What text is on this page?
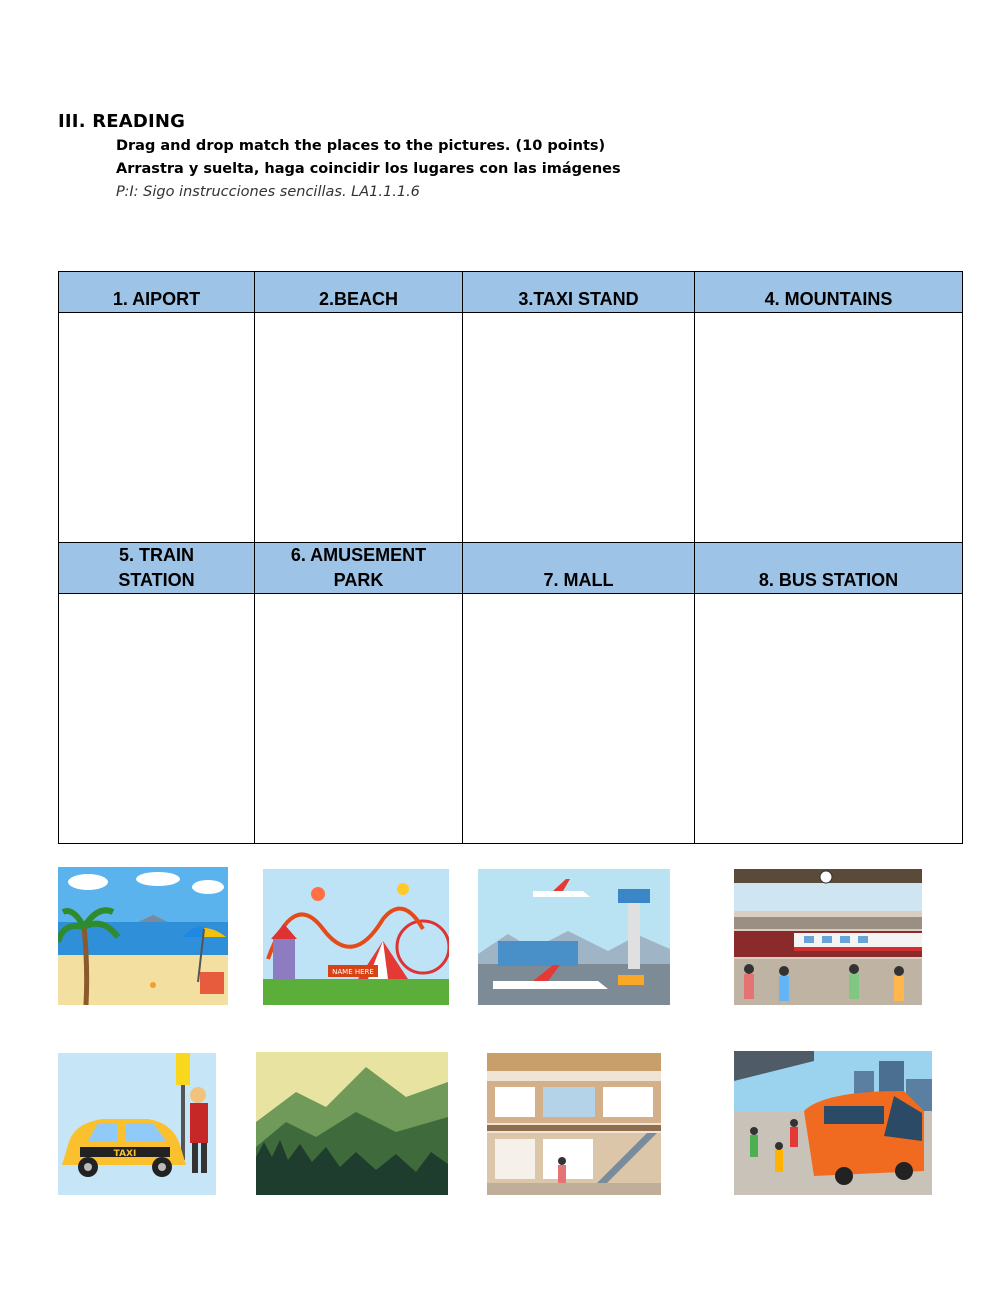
III. READING
Drag and drop match the places to the pictures. (10 points)
Arrastra y suelta, haga coincidir los lugares con las imágenes
P:I: Sigo instrucciones sencillas. LA1.1.1.6
1. AIPORT	2.BEACH	3.TAXI STAND	4. MOUNTAINS

5. TRAIN
STATION	6. AMUSEMENT
PARK	7. MALL	8. BUS STATION

NAME HERE
TAXI
